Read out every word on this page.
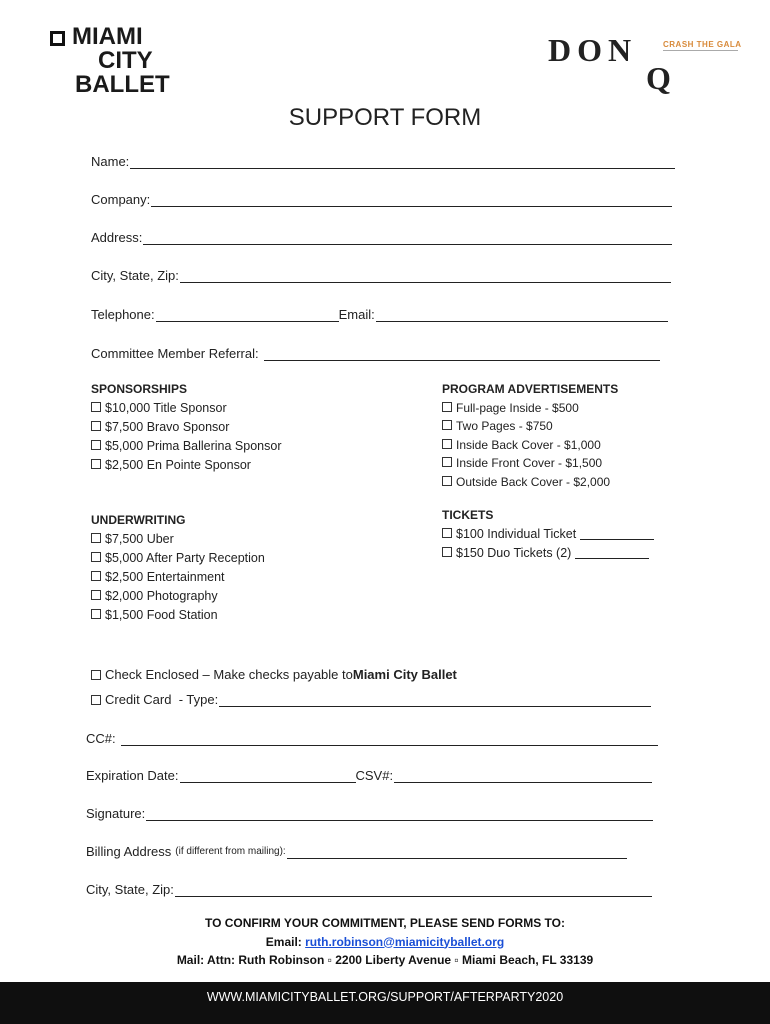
MIAMI
CITY
BALLET
DON
Q
CRASH THE GALA
SUPPORT FORM
Name:
Company:
Address:
City, State, Zip:
Telephone:	Email:
Committee Member Referral:
SPONSORSHIPS
$10,000 Title Sponsor
$7,500 Bravo Sponsor
$5,000 Prima Ballerina Sponsor
$2,500 En Pointe Sponsor
PROGRAM ADVERTISEMENTS
Full-page Inside - $500
Two Pages - $750
Inside Back Cover - $1,000
Inside Front Cover - $1,500
Outside Back Cover - $2,000
UNDERWRITING
$7,500 Uber
$5,000 After Party Reception
$2,500 Entertainment
$2,000 Photography
$1,500 Food Station
TICKETS
$100 Individual Ticket
$150 Duo Tickets (2)
Check Enclosed – Make checks payable to Miami City Ballet
Credit Card  - Type:
CC#:
Expiration Date:	CSV#:
Signature:
Billing Address (if different from mailing):
City, State, Zip:
TO CONFIRM YOUR COMMITMENT, PLEASE SEND FORMS TO:
Email: ruth.robinson@miamicityballet.org
Mail: Attn: Ruth Robinson ▫ 2200 Liberty Avenue ▫ Miami Beach, FL 33139
WWW.MIAMICITYBALLET.ORG/SUPPORT/AFTERPARTY2020
